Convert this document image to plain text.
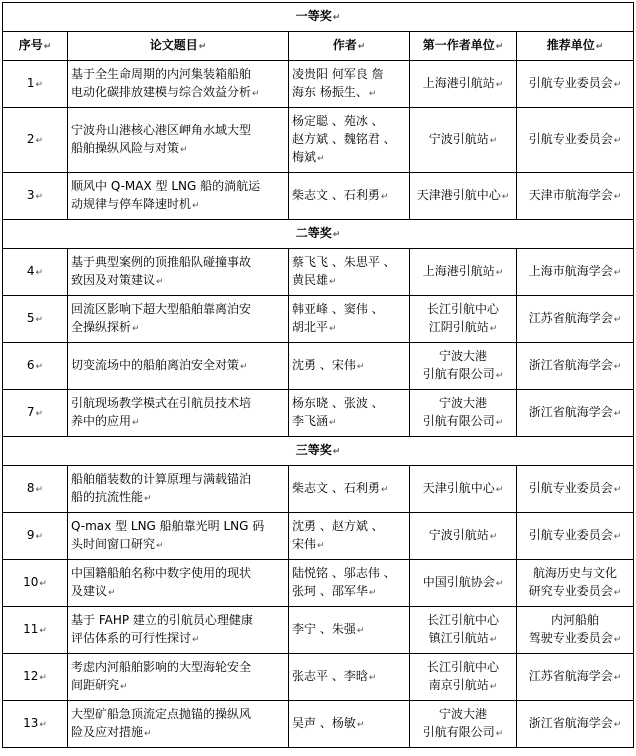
一等奖↵				
序号↵	论文题目↵	作者↵	第一作者单位↵	推荐单位↵

1↵	基于全生命周期的内河集装箱船舶
电动化碳排放建模与综合效益分析↵	凌贵阳 何军良 詹
海东 杨振生、↵	上海港引航站↵	引航专业委员会↵

2↵	宁波舟山港核心港区岬角水域大型
船舶操纵风险与对策↵	杨定聪 、苑冰 、
赵方斌 、魏铭君 、
梅斌↵	宁波引航站↵	引航专业委员会↵

3↵	顺风中 Q-MAX 型 LNG 船的淌航运
动规律与停车降速时机↵	柴志文 、石利勇↵	天津港引航中心↵	天津市航海学会↵

二等奖↵				

4↵	基于典型案例的顶推船队碰撞事故
致因及对策建议↵	蔡飞飞 、朱思平 、
黄民雄↵	上海港引航站↵	上海市航海学会↵

5↵	回流区影响下超大型船舶靠离泊安
全操纵探析↵	韩亚峰 、窦伟 、
胡北平↵	长江引航中心
江阴引航站↵	江苏省航海学会↵

6↵	切变流场中的船舶离泊安全对策↵	沈勇 、宋伟↵	宁波大港
引航有限公司↵	浙江省航海学会↵

7↵	引航现场教学模式在引航员技术培
养中的应用↵	杨东晓 、张波 、
李飞涵↵	宁波大港
引航有限公司↵	浙江省航海学会↵

三等奖↵				

8↵	船舶艏装数的计算原理与满载锚泊
船的抗流性能↵	柴志文 、石利勇↵	天津引航中心↵	引航专业委员会↵

9↵	Q-max 型 LNG 船舶靠光明 LNG 码
头时间窗口研究↵	沈勇 、赵方斌 、
宋伟↵	宁波引航站↵	引航专业委员会↵

10↵	中国籍船舶名称中数字使用的现状
及建议↵	陆悦铭 、邬志伟 、
张珂 、邵军华↵	中国引航协会↵	航海历史与文化
研究专业委员会↵

11↵	基于 FAHP 建立的引航员心理健康
评估体系的可行性探讨↵	李宁 、朱强↵	长江引航中心
镇江引航站↵	内河船舶
驾驶专业委员会↵

12↵	考虑内河船舶影响的大型海轮安全
间距研究↵	张志平 、李晗↵	长江引航中心
南京引航站↵	江苏省航海学会↵

13↵	大型矿船急顶流定点抛锚的操纵风
险及应对措施↵	吴声 、杨敏↵	宁波大港
引航有限公司↵	浙江省航海学会↵
